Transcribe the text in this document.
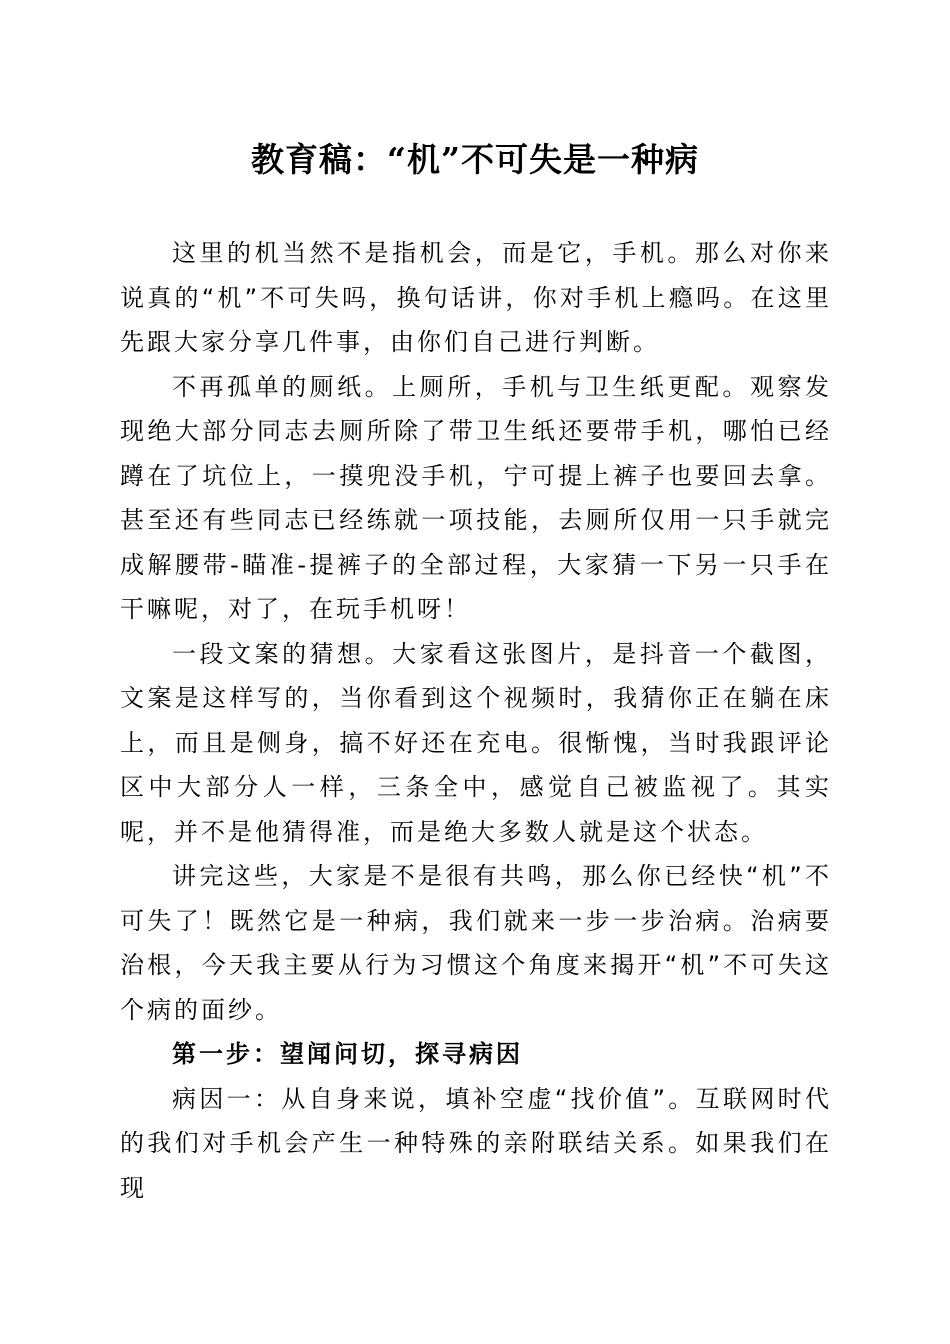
教育稿：“机”不可失是一种病

这里的机当然不是指机会，而是它，手机。那么对你来说真的“机”不可失吗，换句话讲，你对手机上瘾吗。在这里先跟大家分享几件事，由你们自己进行判断。

不再孤单的厕纸。上厕所，手机与卫生纸更配。观察发现绝大部分同志去厕所除了带卫生纸还要带手机，哪怕已经蹲在了坑位上，一摸兜没手机，宁可提上裤子也要回去拿。甚至还有些同志已经练就一项技能，去厕所仅用一只手就完成解腰带-瞄准-提裤子的全部过程，大家猜一下另一只手在干嘛呢，对了，在玩手机呀！

一段文案的猜想。大家看这张图片，是抖音一个截图，文案是这样写的，当你看到这个视频时，我猜你正在躺在床上，而且是侧身，搞不好还在充电。很惭愧，当时我跟评论区中大部分人一样，三条全中，感觉自己被监视了。其实呢，并不是他猜得准，而是绝大多数人就是这个状态。

讲完这些，大家是不是很有共鸣，那么你已经快“机”不可失了！既然它是一种病，我们就来一步一步治病。治病要治根，今天我主要从行为习惯这个角度来揭开“机”不可失这个病的面纱。

第一步：望闻问切，探寻病因

病因一：从自身来说，填补空虚“找价值”。互联网时代的我们对手机会产生一种特殊的亲附联结关系。如果我们在现
